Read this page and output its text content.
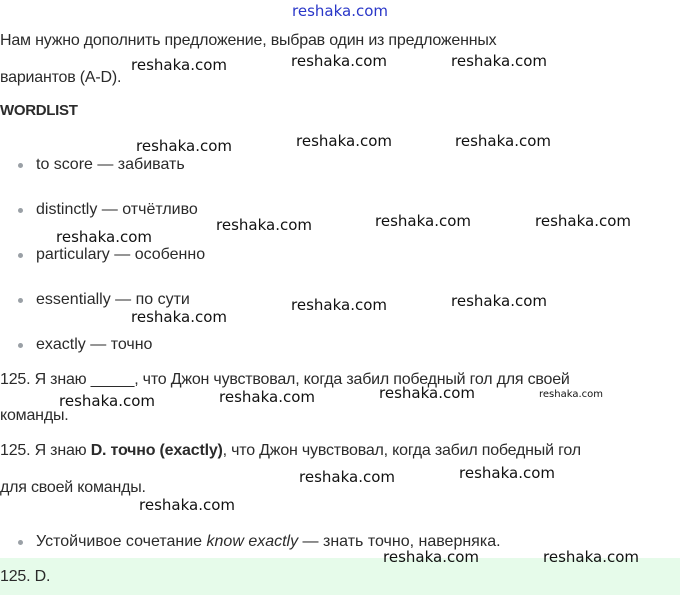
reshaka.com
Нам нужно дополнить предложение, выбрав один из предложенных
вариантов (A-D).
WORDLIST
to score — забивать
distinctly — отчётливо
particulary — особенно
essentially — по сути
exactly — точно
125. Я знаю _____, что Джон чувствовал, когда забил победный гол для своей
команды.
125. Я знаю D. точно (exactly), что Джон чувствовал, когда забил победный гол
для своей команды.
Устойчивое сочетание know exactly — знать точно, наверняка.
125. D.
reshaka.com	reshaka.com	reshaka.com
reshaka.com	reshaka.com	reshaka.com
reshaka.com	reshaka.com	reshaka.com
reshaka.com
reshaka.com	reshaka.com
reshaka.com
reshaka.com	reshaka.com	reshaka.com	reshaka.com
reshaka.com	reshaka.com
reshaka.com
reshaka.com	reshaka.com
